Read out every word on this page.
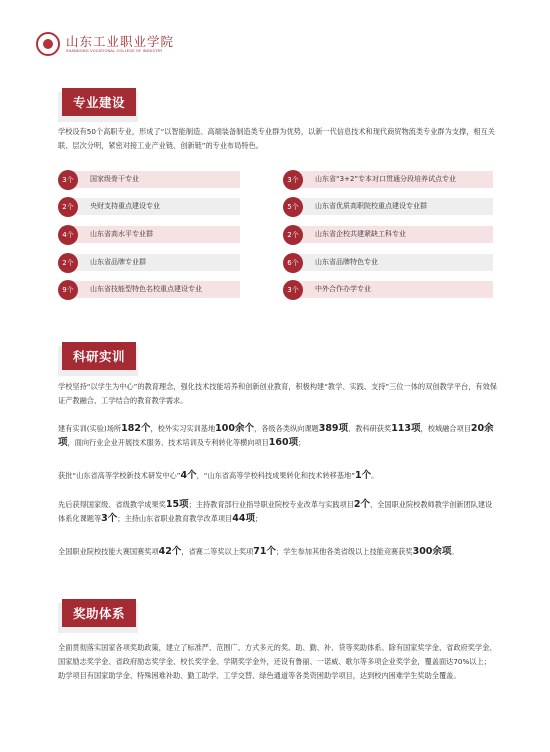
山东工业职业学院
SHANDONG VOCATIONAL COLLEGE OF INDUSTRY
专业建设
学校设有50个高职专业，形成了“以智能制造、高端装备制造类专业群为优势，以新一代信息技术和现代商贸物流类专业群为支撑，相互关联、层次分明，紧密对接工业产业链、创新链”的专业布局特色。
3个	国家级骨干专业
2个	央财支持重点建设专业
4个	山东省高水平专业群
2个	山东省品牌专业群
9个	山东省技能型特色名校重点建设专业
3个	山东省“3+2”专本对口贯通分段培养试点专业
5个	山东省优质高职院校重点建设专业群
2个	山东省企校共建紧缺工科专业
6个	山东省品牌特色专业
3个	中外合作办学专业
科研实训
学校坚持“以学生为中心”的教育理念，强化技术技能培养和创新创业教育，积极构建“教学、实践、支持”三位一体的双创教学平台，有效保证产教融合、工学结合的教育教学需求。
建有实训(实验)场所182个，校外实习实训基地100余个，各级各类纵向课题389项、教科研获奖113项，校城融合项目20余项，面向行业企业开展技术服务、技术培训及专利转化等横向项目160项；
获批“山东省高等学校新技术研发中心”4个，“山东省高等学校科技成果转化和技术转移基地”1个。
先后获得国家级、省级教学成果奖15项；主持教育部行业指导职业院校专业改革与实践项目2个、全国职业院校教师教学创新团队建设体系化课题等3个；主持山东省职业教育教学改革项目44项；
全国职业院校技能大赛国赛奖项42个，省赛二等奖以上奖项71个；学生参加其他各类省级以上技能竞赛获奖300余项。
奖助体系
全面贯彻落实国家各项奖助政策，建立了标准严、范围广、方式多元的奖、助、勤、补、贷等奖助体系。除有国家奖学金、省政府奖学金、国家励志奖学金、省政府励志奖学金、校长奖学金、学期奖学金外，还设有鲁丽、一诺威、歌尔等多项企业奖学金，覆盖面达70%以上；助学项目有国家助学金、特殊困难补助、勤工助学、工学交替、绿色通道等各类资困助学项目，达到校内困难学生奖助全覆盖。
